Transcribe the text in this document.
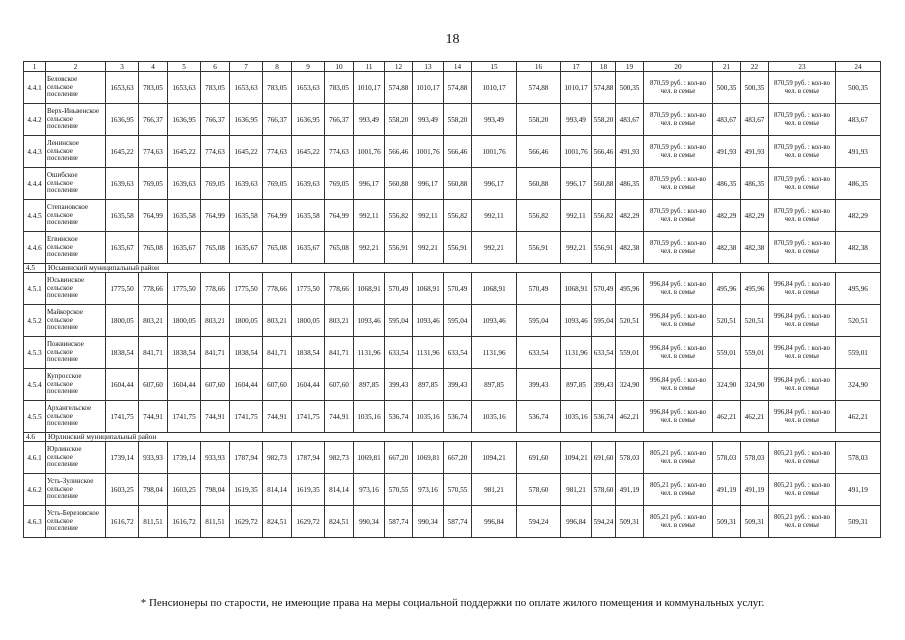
18
1	2	3	4	5	6	7	8	9	10	11	12	13	14	15	16	17	18	19	20	21	22	23	24
4.4.1	Беловское сельское поселение	1653,63	783,05	1653,63	783,05	1653,63	783,05	1653,63	783,05	1010,17	574,88	1010,17	574,88	1010,17	574,88	1010,17	574,88	500,35	870,59 руб. : кол-во чел. в семье	500,35	500,35	870,59 руб. : кол-во чел. в семье	500,35
4.4.2	Верх-Иньвенское сельское поселение	1636,95	766,37	1636,95	766,37	1636,95	766,37	1636,95	766,37	993,49	558,20	993,49	558,20	993,49	558,20	993,49	558,20	483,67	870,59 руб. : кол-во чел. в семье	483,67	483,67	870,59 руб. : кол-во чел. в семье	483,67
4.4.3	Ленинское сельское поселение	1645,22	774,63	1645,22	774,63	1645,22	774,63	1645,22	774,63	1001,76	566,46	1001,76	566,46	1001,76	566,46	1001,76	566,46	491,93	870,59 руб. : кол-во чел. в семье	491,93	491,93	870,59 руб. : кол-во чел. в семье	491,93
4.4.4	Ошибское сельское поселение	1639,63	769,05	1639,63	769,05	1639,63	769,05	1639,63	769,05	996,17	560,88	996,17	560,88	996,17	560,88	996,17	560,88	486,35	870,59 руб. : кол-во чел. в семье	486,35	486,35	870,59 руб. : кол-во чел. в семье	486,35
4.4.5	Степановское сельское поселение	1635,58	764,99	1635,58	764,99	1635,58	764,99	1635,58	764,99	992,11	556,82	992,11	556,82	992,11	556,82	992,11	556,82	482,29	870,59 руб. : кол-во чел. в семье	482,29	482,29	870,59 руб. : кол-во чел. в семье	482,29
4.4.6	Егвинское сельское поселение	1635,67	765,08	1635,67	765,08	1635,67	765,08	1635,67	765,08	992,21	556,91	992,21	556,91	992,21	556,91	992,21	556,91	482,38	870,59 руб. : кол-во чел. в семье	482,38	482,38	870,59 руб. : кол-во чел. в семье	482,38
4.5	Юсьвинский муниципальный район																						
4.5.1	Юсьвинское сельское поселение	1775,50	778,66	1775,50	778,66	1775,50	778,66	1775,50	778,66	1068,91	570,49	1068,91	570,49	1068,91	570,49	1068,91	570,49	495,96	996,84 руб. : кол-во чел. в семье	495,96	495,96	996,84 руб. : кол-во чел. в семье	495,96
4.5.2	Майкорское сельское поселение	1800,05	803,21	1800,05	803,21	1800,05	803,21	1800,05	803,21	1093,46	595,04	1093,46	595,04	1093,46	595,04	1093,46	595,04	520,51	996,84 руб. : кол-во чел. в семье	520,51	520,51	996,84 руб. : кол-во чел. в семье	520,51
4.5.3	Пожвинское сельское поселение	1838,54	841,71	1838,54	841,71	1838,54	841,71	1838,54	841,71	1131,96	633,54	1131,96	633,54	1131,96	633,54	1131,96	633,54	559,01	996,84 руб. : кол-во чел. в семье	559,01	559,01	996,84 руб. : кол-во чел. в семье	559,01
4.5.4	Купросское сельское поселение	1604,44	607,60	1604,44	607,60	1604,44	607,60	1604,44	607,60	897,85	399,43	897,85	399,43	897,85	399,43	897,85	399,43	324,90	996,84 руб. : кол-во чел. в семье	324,90	324,90	996,84 руб. : кол-во чел. в семье	324,90
4.5.5	Архангельское сельское поселение	1741,75	744,91	1741,75	744,91	1741,75	744,91	1741,75	744,91	1035,16	536,74	1035,16	536,74	1035,16	536,74	1035,16	536,74	462,21	996,84 руб. : кол-во чел. в семье	462,21	462,21	996,84 руб. : кол-во чел. в семье	462,21
4.6	Юрлинский муниципальный район																						
4.6.1	Юрлинское сельское поселение	1739,14	933,93	1739,14	933,93	1787,94	982,73	1787,94	982,73	1069,81	667,20	1069,81	667,20	1094,21	691,60	1094,21	691,60	578,03	805,21 руб. : кол-во чел. в семье	578,03	578,03	805,21 руб. : кол-во чел. в семье	578,03
4.6.2	Усть-Зулинское сельское поселение	1603,25	798,04	1603,25	798,04	1619,35	814,14	1619,35	814,14	973,16	570,55	973,16	570,55	981,21	578,60	981,21	578,60	491,19	805,21 руб. : кол-во чел. в семье	491,19	491,19	805,21 руб. : кол-во чел. в семье	491,19
4.6.3	Усть-Березовское сельское поселение	1616,72	811,51	1616,72	811,51	1629,72	824,51	1629,72	824,51	990,34	587,74	990,34	587,74	996,84	594,24	996,84	594,24	509,31	805,21 руб. : кол-во чел. в семье	509,31	509,31	805,21 руб. : кол-во чел. в семье	509,31
* Пенсионеры по старости, не имеющие права на меры социальной поддержки по оплате жилого помещения и коммунальных услуг.
